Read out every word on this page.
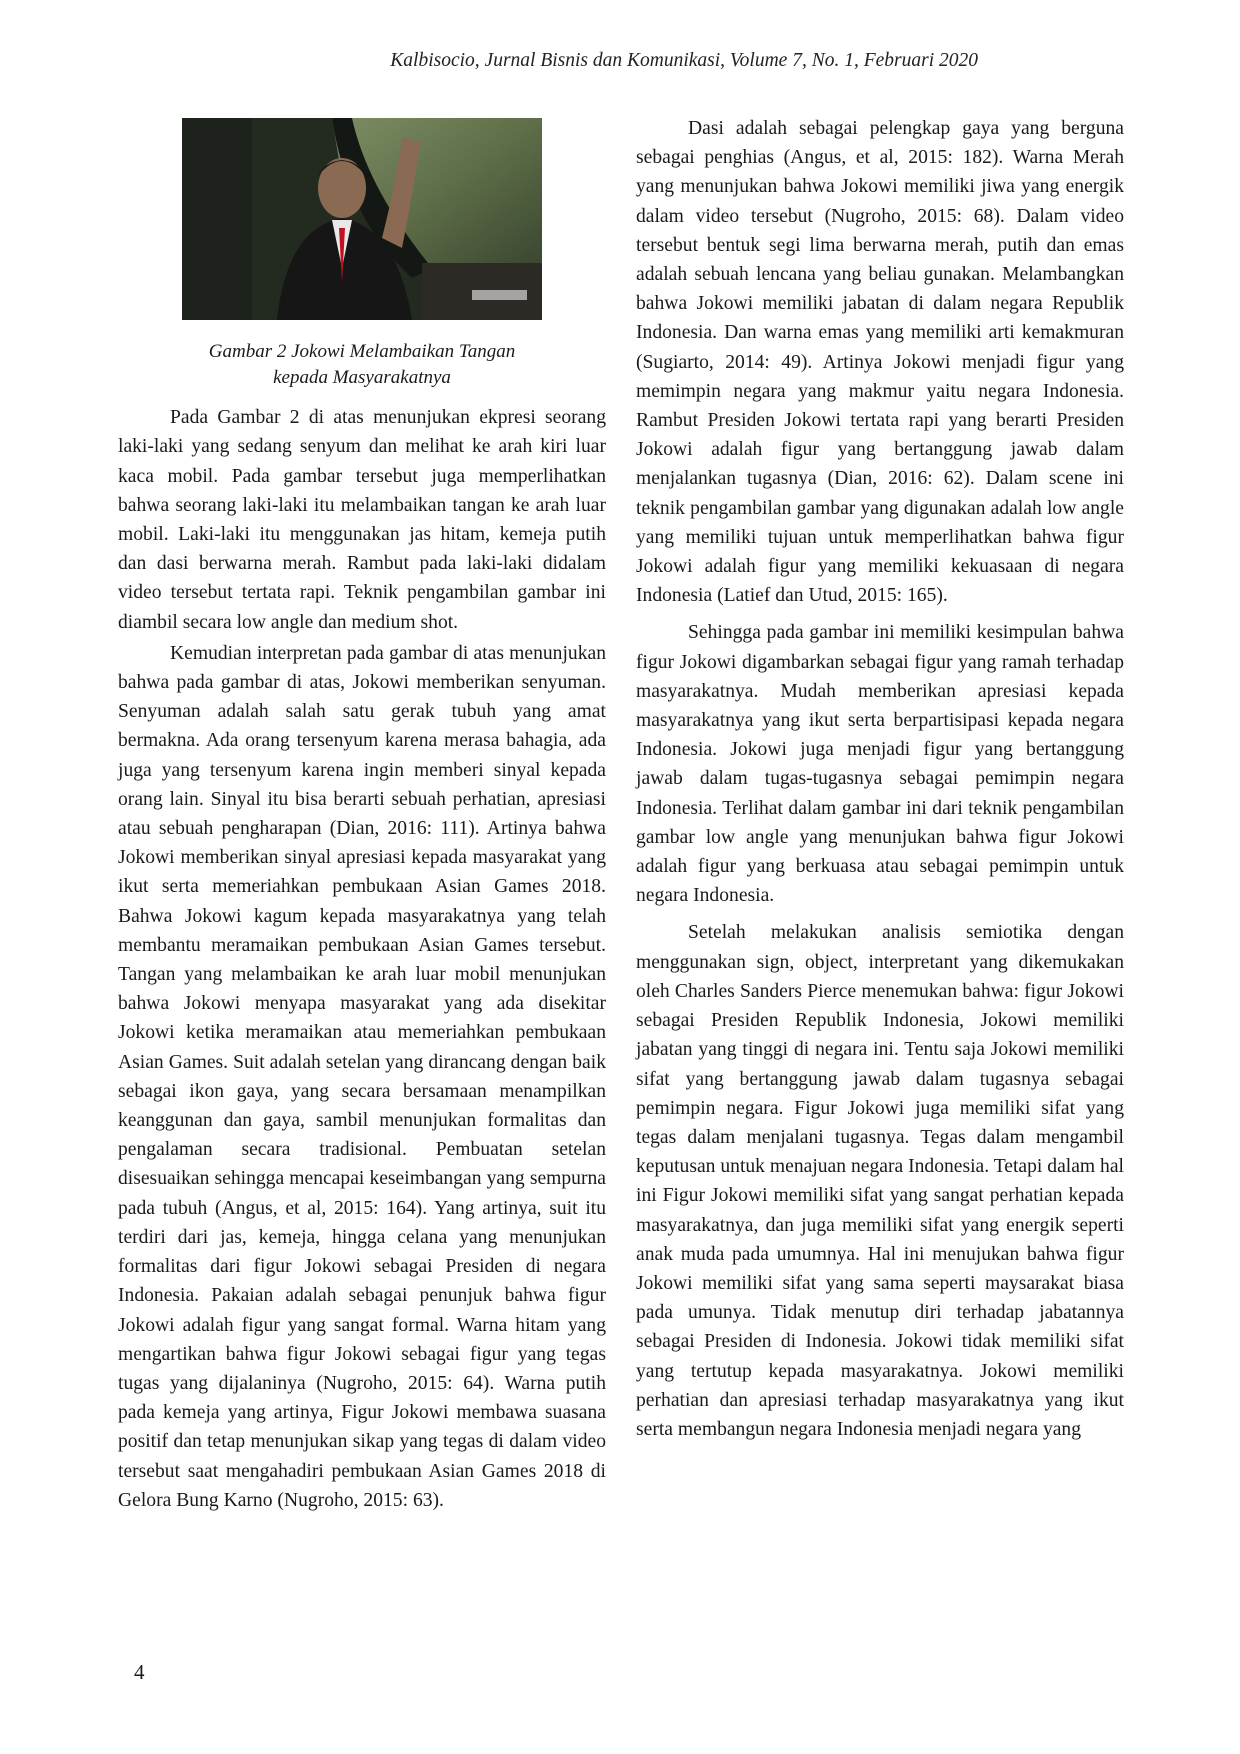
Kalbisocio, Jurnal Bisnis dan Komunikasi, Volume 7, No. 1, Februari 2020
Gambar 2 Jokowi Melambaikan Tangan
kepada Masyarakatnya

Pada Gambar 2 di atas menunjukan ekpresi seorang laki-laki yang sedang senyum dan melihat ke arah kiri luar kaca mobil. Pada gambar tersebut juga memperlihatkan bahwa seorang laki-laki itu melambaikan tangan ke arah luar mobil. Laki-laki itu menggunakan jas hitam, kemeja putih dan dasi berwarna merah. Rambut pada laki-laki didalam video tersebut tertata rapi. Teknik pengambilan gambar ini diambil secara low angle dan medium shot.

Kemudian interpretan pada gambar di atas menunjukan bahwa pada gambar di atas, Jokowi memberikan senyuman. Senyuman adalah salah satu gerak tubuh yang amat bermakna. Ada orang tersenyum karena merasa bahagia, ada juga yang tersenyum karena ingin memberi sinyal kepada orang lain. Sinyal itu bisa berarti sebuah perhatian, apresiasi atau sebuah pengharapan (Dian, 2016: 111). Artinya bahwa Jokowi memberikan sinyal apresiasi kepada masyarakat yang ikut serta memeriahkan pembukaan Asian Games 2018. Bahwa Jokowi kagum kepada masyarakatnya yang telah membantu meramaikan pembukaan Asian Games tersebut. Tangan yang melambaikan ke arah luar mobil menunjukan bahwa Jokowi menyapa masyarakat yang ada disekitar Jokowi ketika meramaikan atau memeriahkan pembukaan Asian Games. Suit adalah setelan yang dirancang dengan baik sebagai ikon gaya, yang secara bersamaan menampilkan keanggunan dan gaya, sambil menunjukan formalitas dan pengalaman secara tradisional. Pembuatan setelan disesuaikan sehingga mencapai keseimbangan yang sempurna pada tubuh (Angus, et al, 2015: 164). Yang artinya, suit itu terdiri dari jas, kemeja, hingga celana yang menunjukan formalitas dari figur Jokowi sebagai Presiden di negara Indonesia. Pakaian adalah sebagai penunjuk bahwa figur Jokowi adalah figur yang sangat formal. Warna hitam yang mengartikan bahwa figur Jokowi sebagai figur yang tegas tugas yang dijalaninya (Nugroho, 2015: 64). Warna putih pada kemeja yang artinya, Figur Jokowi membawa suasana positif dan tetap menunjukan sikap yang tegas di dalam video tersebut saat mengahadiri pembukaan Asian Games 2018 di Gelora Bung Karno (Nugroho, 2015: 63).

Dasi adalah sebagai pelengkap gaya yang berguna sebagai penghias (Angus, et al, 2015: 182). Warna Merah yang menunjukan bahwa Jokowi memiliki jiwa yang energik dalam video tersebut (Nugroho, 2015: 68). Dalam video tersebut bentuk segi lima berwarna merah, putih dan emas adalah sebuah lencana yang beliau gunakan. Melambangkan bahwa Jokowi memiliki jabatan di dalam negara Republik Indonesia. Dan warna emas yang memiliki arti kemakmuran (Sugiarto, 2014: 49). Artinya Jokowi menjadi figur yang memimpin negara yang makmur yaitu negara Indonesia. Rambut Presiden Jokowi tertata rapi yang berarti Presiden Jokowi adalah figur yang bertanggung jawab dalam menjalankan tugasnya (Dian, 2016: 62). Dalam scene ini teknik pengambilan gambar yang digunakan adalah low angle yang memiliki tujuan untuk memperlihatkan bahwa figur Jokowi adalah figur yang memiliki kekuasaan di negara Indonesia (Latief dan Utud, 2015: 165).

Sehingga pada gambar ini memiliki kesimpulan bahwa figur Jokowi digambarkan sebagai figur yang ramah terhadap masyarakatnya. Mudah memberikan apresiasi kepada masyarakatnya yang ikut serta berpartisipasi kepada negara Indonesia. Jokowi juga menjadi figur yang bertanggung jawab dalam tugas-tugasnya sebagai pemimpin negara Indonesia. Terlihat dalam gambar ini dari teknik pengambilan gambar low angle yang menunjukan bahwa figur Jokowi adalah figur yang berkuasa atau sebagai pemimpin untuk negara Indonesia.

Setelah melakukan analisis semiotika dengan menggunakan sign, object, interpretant yang dikemukakan oleh Charles Sanders Pierce menemukan bahwa: figur Jokowi sebagai Presiden Republik Indonesia, Jokowi memiliki jabatan yang tinggi di negara ini. Tentu saja Jokowi memiliki sifat yang bertanggung jawab dalam tugasnya sebagai pemimpin negara. Figur Jokowi juga memiliki sifat yang tegas dalam menjalani tugasnya. Tegas dalam mengambil keputusan untuk menajuan negara Indonesia. Tetapi dalam hal ini Figur Jokowi memiliki sifat yang sangat perhatian kepada masyarakatnya, dan juga memiliki sifat yang energik seperti anak muda pada umumnya. Hal ini menujukan bahwa figur Jokowi memiliki sifat yang sama seperti maysarakat biasa pada umunya. Tidak menutup diri terhadap jabatannya sebagai Presiden di Indonesia. Jokowi tidak memiliki sifat yang tertutup kepada masyarakatnya. Jokowi memiliki perhatian dan apresiasi terhadap masyarakatnya yang ikut serta membangun negara Indonesia menjadi negara yang

4
